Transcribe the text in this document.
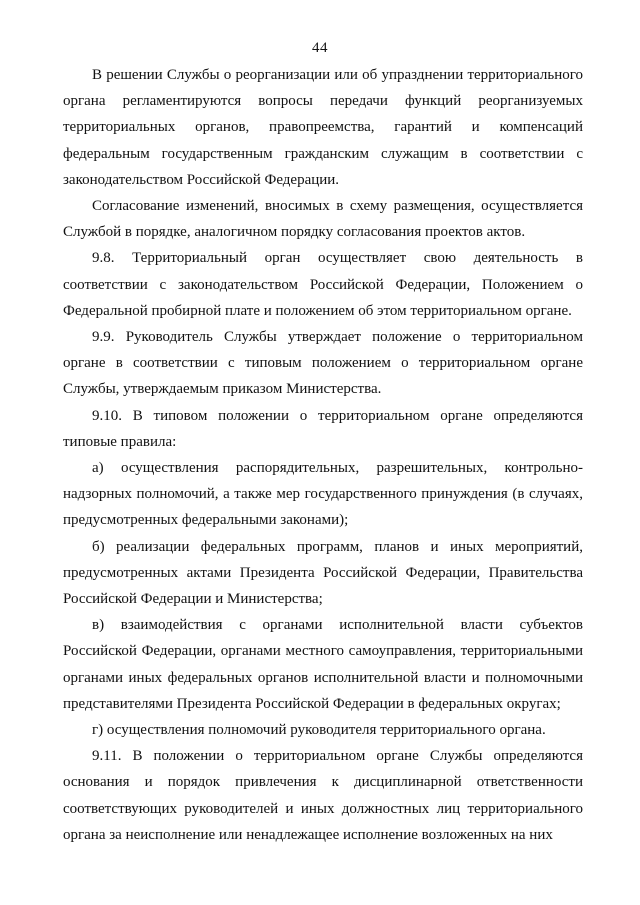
44

В решении Службы о реорганизации или об упразднении территориального органа регламентируются вопросы передачи функций реорганизуемых территориальных органов, правопреемства, гарантий и компенсаций федеральным государственным гражданским служащим в соответствии с законодательством Российской Федерации.

Согласование изменений, вносимых в схему размещения, осуществляется Службой в порядке, аналогичном порядку согласования проектов актов.

9.8. Территориальный орган осуществляет свою деятельность в соответствии с законодательством Российской Федерации, Положением о Федеральной пробирной плате и положением об этом территориальном органе.

9.9. Руководитель Службы утверждает положение о территориальном органе в соответствии с типовым положением о территориальном органе Службы, утверждаемым приказом Министерства.

9.10. В типовом положении о территориальном органе определяются типовые правила:

а) осуществления распорядительных, разрешительных, контрольно-надзорных полномочий, а также мер государственного принуждения (в случаях, предусмотренных федеральными законами);

б) реализации федеральных программ, планов и иных мероприятий, предусмотренных актами Президента Российской Федерации, Правительства Российской Федерации и Министерства;

в) взаимодействия с органами исполнительной власти субъектов Российской Федерации, органами местного самоуправления, территориальными органами иных федеральных органов исполнительной власти и полномочными представителями Президента Российской Федерации в федеральных округах;

г) осуществления полномочий руководителя территориального органа.

9.11. В положении о территориальном органе Службы определяются основания и порядок привлечения к дисциплинарной ответственности соответствующих руководителей и иных должностных лиц территориального органа за неисполнение или ненадлежащее исполнение возложенных на них
